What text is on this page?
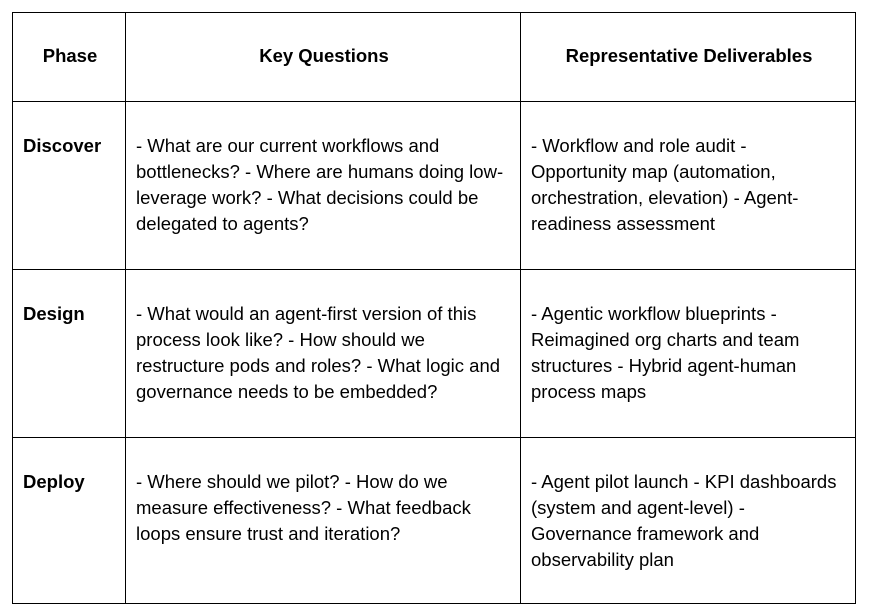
Phase	Key Questions	Representative Deliverables
Discover	- What are our current workflows and bottlenecks? - Where are humans doing low-leverage work? - What decisions could be delegated to agents?	- Workflow and role audit - Opportunity map (automation, orchestration, elevation) - Agent-readiness assessment
Design	- What would an agent-first version of this process look like? - How should we restructure pods and roles? - What logic and governance needs to be embedded?	- Agentic workflow blueprints - Reimagined org charts and team structures - Hybrid agent-human process maps
Deploy	- Where should we pilot? - How do we measure effectiveness? - What feedback loops ensure trust and iteration?	- Agent pilot launch - KPI dashboards (system and agent-level) - Governance framework and observability plan
